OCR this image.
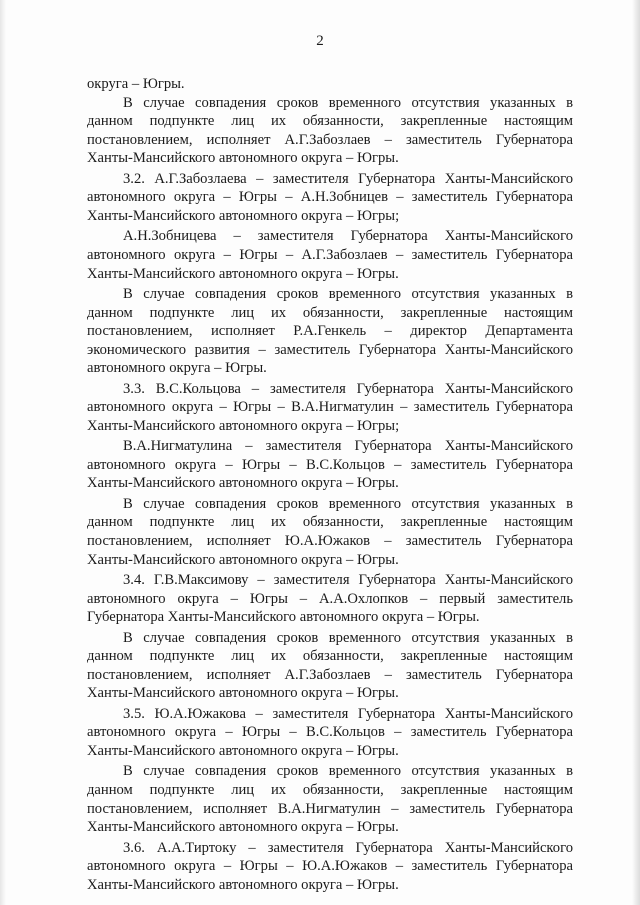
2
округа – Югры.
В случае совпадения сроков временного отсутствия указанных в
данном подпункте лиц их обязанности, закрепленные настоящим
постановлением, исполняет А.Г.Забозлаев – заместитель Губернатора
Ханты-Мансийского автономного округа – Югры.
3.2. А.Г.Забозлаева – заместителя Губернатора Ханты-Мансийского
автономного округа – Югры – А.Н.Зобницев – заместитель Губернатора
Ханты-Мансийского автономного округа – Югры;
А.Н.Зобницева – заместителя Губернатора Ханты-Мансийского
автономного округа – Югры – А.Г.Забозлаев – заместитель Губернатора
Ханты-Мансийского автономного округа – Югры.
В случае совпадения сроков временного отсутствия указанных в
данном подпункте лиц их обязанности, закрепленные настоящим
постановлением, исполняет Р.А.Генкель – директор Департамента
экономического развития – заместитель Губернатора Ханты-Мансийского
автономного округа – Югры.
3.3. В.С.Кольцова – заместителя Губернатора Ханты-Мансийского
автономного округа – Югры – В.А.Нигматулин – заместитель Губернатора
Ханты-Мансийского автономного округа – Югры;
В.А.Нигматулина – заместителя Губернатора Ханты-Мансийского
автономного округа – Югры – В.С.Кольцов – заместитель Губернатора
Ханты-Мансийского автономного округа – Югры.
В случае совпадения сроков временного отсутствия указанных в
данном подпункте лиц их обязанности, закрепленные настоящим
постановлением, исполняет Ю.А.Южаков – заместитель Губернатора
Ханты-Мансийского автономного округа – Югры.
3.4. Г.В.Максимову – заместителя Губернатора Ханты-Мансийского
автономного округа – Югры – А.А.Охлопков – первый заместитель
Губернатора Ханты-Мансийского автономного округа – Югры.
В случае совпадения сроков временного отсутствия указанных в
данном подпункте лиц их обязанности, закрепленные настоящим
постановлением, исполняет А.Г.Забозлаев – заместитель Губернатора
Ханты-Мансийского автономного округа – Югры.
3.5. Ю.А.Южакова – заместителя Губернатора Ханты-Мансийского
автономного округа – Югры – В.С.Кольцов – заместитель Губернатора
Ханты-Мансийского автономного округа – Югры.
В случае совпадения сроков временного отсутствия указанных в
данном подпункте лиц их обязанности, закрепленные настоящим
постановлением, исполняет В.А.Нигматулин – заместитель Губернатора
Ханты-Мансийского автономного округа – Югры.
3.6. А.А.Тиртоку – заместителя Губернатора Ханты-Мансийского
автономного округа – Югры – Ю.А.Южаков – заместитель Губернатора
Ханты-Мансийского автономного округа – Югры.
